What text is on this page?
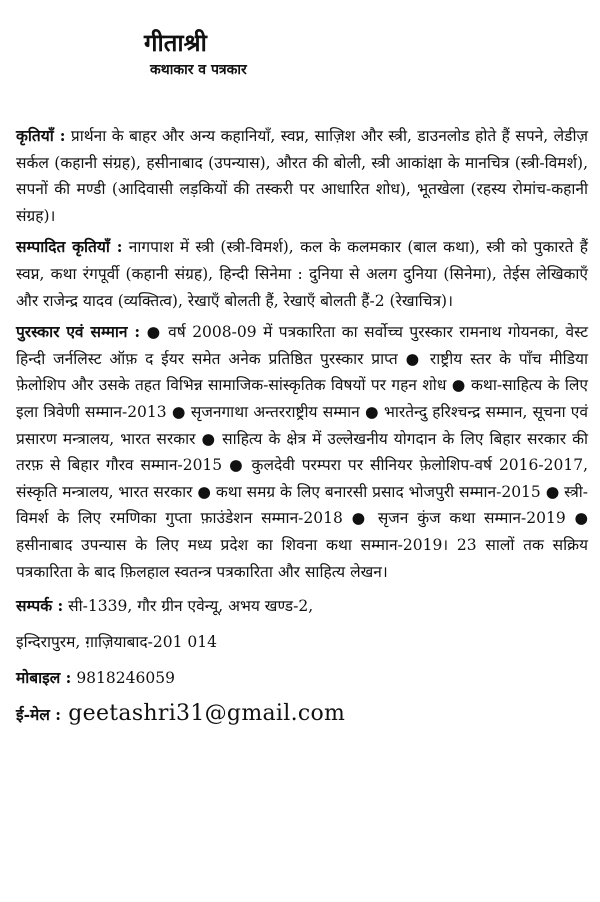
गीताश्री
कथाकार व पत्रकार

कृतियाँ : प्रार्थना के बाहर और अन्य कहानियाँ, स्वप्न, साज़िश और स्त्री, डाउनलोड होते हैं सपने, लेडीज़ सर्कल (कहानी संग्रह), हसीनाबाद (उपन्यास), औरत की बोली, स्त्री आकांक्षा के मानचित्र (स्त्री-विमर्श), सपनों की मण्डी (आदिवासी लड़कियों की तस्करी पर आधारित शोध), भूतखेला (रहस्य रोमांच-कहानी संग्रह)।

सम्पादित कृतियाँ : नागपाश में स्त्री (स्त्री-विमर्श), कल के कलमकार (बाल कथा), स्त्री को पुकारते हैं स्वप्न, कथा रंगपूर्वी (कहानी संग्रह), हिन्दी सिनेमा : दुनिया से अलग दुनिया (सिनेमा), तेईस लेखिकाएँ और राजेन्द्र यादव (व्यक्तित्व), रेखाएँ बोलती हैं, रेखाएँ बोलती हैं-2 (रेखाचित्र)।

पुरस्कार एवं सम्मान : ● वर्ष 2008-09 में पत्रकारिता का सर्वोच्च पुरस्कार रामनाथ गोयनका, वेस्ट हिन्दी जर्नलिस्ट ऑफ़ द ईयर समेत अनेक प्रतिष्ठित पुरस्कार प्राप्त ● राष्ट्रीय स्तर के पाँच मीडिया फ़ेलोशिप और उसके तहत विभिन्न सामाजिक-सांस्कृतिक विषयों पर गहन शोध ● कथा-साहित्य के लिए इला त्रिवेणी सम्मान-2013 ● सृजनगाथा अन्तरराष्ट्रीय सम्मान ● भारतेन्दु हरिश्चन्द्र सम्मान, सूचना एवं प्रसारण मन्त्रालय, भारत सरकार ● साहित्य के क्षेत्र में उल्लेखनीय योगदान के लिए बिहार सरकार की तरफ़ से बिहार गौरव सम्मान-2015 ● कुलदेवी परम्परा पर सीनियर फ़ेलोशिप-वर्ष 2016-2017, संस्कृति मन्त्रालय, भारत सरकार ● कथा समग्र के लिए बनारसी प्रसाद भोजपुरी सम्मान-2015 ● स्त्री-विमर्श के लिए रमणिका गुप्ता फ़ाउंडेशन सम्मान-2018 ● सृजन कुंज कथा सम्मान-2019 ● हसीनाबाद उपन्यास के लिए मध्य प्रदेश का शिवना कथा सम्मान-2019। 23 सालों तक सक्रिय पत्रकारिता के बाद फ़िलहाल स्वतन्त्र पत्रकारिता और साहित्य लेखन।

सम्पर्क : सी-1339, गौर ग्रीन एवेन्यू, अभय खण्ड-2,
इन्दिरापुरम, ग़ाज़ियाबाद-201 014
मोबाइल : 9818246059
ई-मेल : geetashri31@gmail.com
